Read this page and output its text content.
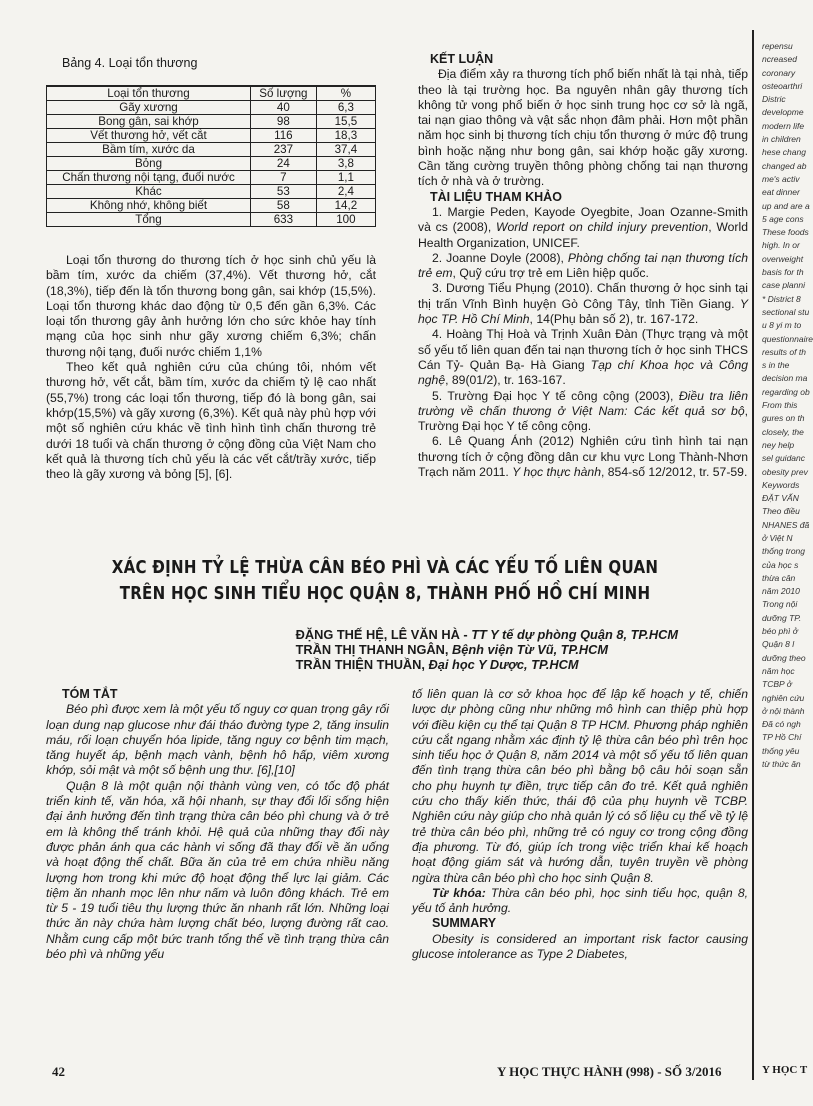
Bảng 4. Loại tổn thương
Loại tổn thương	Số lượng	%
Gãy xương	40	6,3
Bong gân, sai khớp	98	15,5
Vết thương hở, vết cắt	116	18,3
Bầm tím, xước da	237	37,4
Bỏng	24	3,8
Chấn thương nội tạng, đuối nước	7	1,1
Khác	53	2,4
Không nhớ, không biết	58	14,2
Tổng	633	100

Loại tổn thương do thương tích ở học sinh chủ yếu là bầm tím, xước da chiếm (37,4%). Vết thương hở, cắt (18,3%), tiếp đến là tổn thương bong gân, sai khớp (15,5%). Loại tổn thương khác dao động từ 0,5 đến gần 6,3%. Các loại tổn thương gây ảnh hưởng lớn cho sức khỏe hay tính mạng của học sinh như gãy xương chiếm 6,3%; chấn thương nội tạng, đuối nước chiếm 1,1%

Theo kết quả nghiên cứu của chúng tôi, nhóm vết thương hở, vết cắt, bầm tím, xước da chiếm tỷ lệ cao nhất (55,7%) trong các loại tổn thương, tiếp đó là bong gân, sai khớp(15,5%) và gãy xương (6,3%). Kết quả này phù hợp với một số nghiên cứu khác về tình hình tình chấn thương trẻ dưới 18 tuổi và chấn thương ở cộng đồng của Việt Nam cho kết quả là thương tích chủ yếu là các vết cắt/trầy xước, tiếp theo là gãy xương và bỏng [5], [6].

KẾT LUẬN

Địa điểm xảy ra thương tích phổ biến nhất là tại nhà, tiếp theo là tại trường học. Ba nguyên nhân gây thương tích không tử vong phổ biến ở học sinh trung học cơ sở là ngã, tai nạn giao thông và vật sắc nhọn đâm phải. Hơn một phần năm học sinh bị thương tích chịu tổn thương ở mức độ trung bình hoặc nặng như bong gân, sai khớp hoặc gãy xương. Cần tăng cường truyền thông phòng chống tai nạn thương tích ở nhà và ở trường.

TÀI LIỆU THAM KHẢO

1. Margie Peden, Kayode Oyegbite, Joan Ozanne-Smith và cs (2008), World report on child injury prevention, World Health Organization, UNICEF.

2. Joanne Doyle (2008), Phòng chống tai nạn thương tích trẻ em, Quỹ cứu trợ trẻ em Liên hiệp quốc.

3. Dương Tiểu Phụng (2010). Chấn thương ở học sinh tại thị trấn Vĩnh Bình huyện Gò Công Tây, tỉnh Tiền Giang. Y học TP. Hồ Chí Minh, 14(Phụ bản số 2), tr. 167-172.

4. Hoàng Thị Hoà và Trịnh Xuân Đàn (Thực trạng và một số yếu tố liên quan đến tai nạn thương tích ở học sinh THCS Cán Tỷ- Quản Bạ- Hà Giang Tạp chí Khoa học và Công nghệ, 89(01/2), tr. 163-167.

5. Trường Đại học Y tế công cộng (2003), Điều tra liên trường về chấn thương ở Việt Nam: Các kết quả sơ bộ, Trường Đại học Y tế công cộng.

6. Lê Quang Ánh (2012) Nghiên cứu tình hình tai nạn thương tích ở cộng đồng dân cư khu vực Long Thành-Nhơn Trạch năm 2011. Y học thực hành, 854-số 12/2012, tr. 57-59.

XÁC ĐỊNH TỶ LỆ THỪA CÂN BÉO PHÌ VÀ CÁC YẾU TỐ LIÊN QUAN
TRÊN HỌC SINH TIỂU HỌC QUẬN 8, THÀNH PHỐ HỒ CHÍ MINH
ĐẶNG THẾ HỆ, LÊ VĂN HÀ - TT Y tế dự phòng Quận 8, TP.HCM
TRẦN THỊ THANH NGÂN, Bệnh viện Từ Vũ, TP.HCM
TRẦN THIỆN THUẦN, Đại học Y Dược, TP.HCM
TÓM TẮT

Béo phì được xem là một yếu tố nguy cơ quan trọng gây rối loạn dung nạp glucose như đái tháo đường type 2, tăng insulin máu, rối loạn chuyển hóa lipide, tăng nguy cơ bệnh tim mạch, tăng huyết áp, bệnh mạch vành, bệnh hô hấp, viêm xương khớp, sỏi mật và một số bệnh ung thư. [6],[10]

Quận 8 là một quận nội thành vùng ven, có tốc độ phát triển kinh tế, văn hóa, xã hội nhanh, sự thay đổi lối sống hiện đại ảnh hưởng đến tình trạng thừa cân béo phì chung và ở trẻ em là không thể tránh khỏi. Hệ quả của những thay đổi này được phản ánh qua các hành vi sống đã thay đổi về ăn uống và hoạt động thể chất. Bữa ăn của trẻ em chứa nhiều năng lượng hơn trong khi mức độ hoạt động thể lực lại giảm. Các tiệm ăn nhanh mọc lên như nấm và luôn đông khách. Trẻ em từ 5 - 19 tuổi tiêu thụ lượng thức ăn nhanh rất lớn. Những loại thức ăn này chứa hàm lượng chất béo, lượng đường rất cao. Nhằm cung cấp một bức tranh tổng thể về tình trạng thừa cân béo phì và những yếu

tố liên quan là cơ sở khoa học để lập kế hoạch y tế, chiến lược dự phòng cũng như những mô hình can thiệp phù hợp với điều kiện cụ thể tại Quận 8 TP HCM. Phương pháp nghiên cứu cắt ngang nhằm xác định tỷ lệ thừa cân béo phì trên học sinh tiểu học ở Quận 8, năm 2014 và một số yếu tố liên quan đến tình trạng thừa cân béo phì bằng bộ câu hỏi soạn sẵn cho phụ huynh tự điền, trực tiếp cân đo trẻ. Kết quả nghiên cứu cho thấy kiến thức, thái độ của phụ huynh về TCBP. Nghiên cứu này giúp cho nhà quản lý có số liệu cụ thể về tỷ lệ trẻ thừa cân béo phì, những trẻ có nguy cơ trong cộng đồng địa phương. Từ đó, giúp ích trong việc triển khai kế hoạch hoạt động giám sát và hướng dẫn, tuyên truyền về phòng ngừa thừa cân béo phì cho học sinh Quận 8.

Từ khóa: Thừa cân béo phì, học sinh tiểu học, quận 8, yếu tố ảnh hưởng.

SUMMARY

Obesity is considered an important risk factor causing glucose intolerance as Type 2 Diabetes,

42	Y HỌC THỰC HÀNH (998) - SỐ 3/2016
repensu
ncreased
coronary
osteoarthri
Distric
developme
modern life
in children
hese chang
changed ab
me's activ
eat dinner
up and are a
5 age cons
These foods
high. In or
overweight
basis for th
case planni
* District 8
sectional stu
u 8 yi m to
questionnaire
results of th
s in the
decision ma
regarding ob
From this
gures on th
closely, the
ney help
sel guidanc
obesity prev
Keywords
ĐẶT VẤN
Theo điều
NHANES đã
ở Việt N
thống trong
của học s
thừa cân
năm 2010
Trong nội
dưỡng TP.
béo phì ở
Quận 8 l
dưỡng theo
năm học
TCBP ở
nghiên cứu
ở nội thành
Đã có ngh
TP Hồ Chí
thống yêu
từ thức ăn
Y HỌC T
